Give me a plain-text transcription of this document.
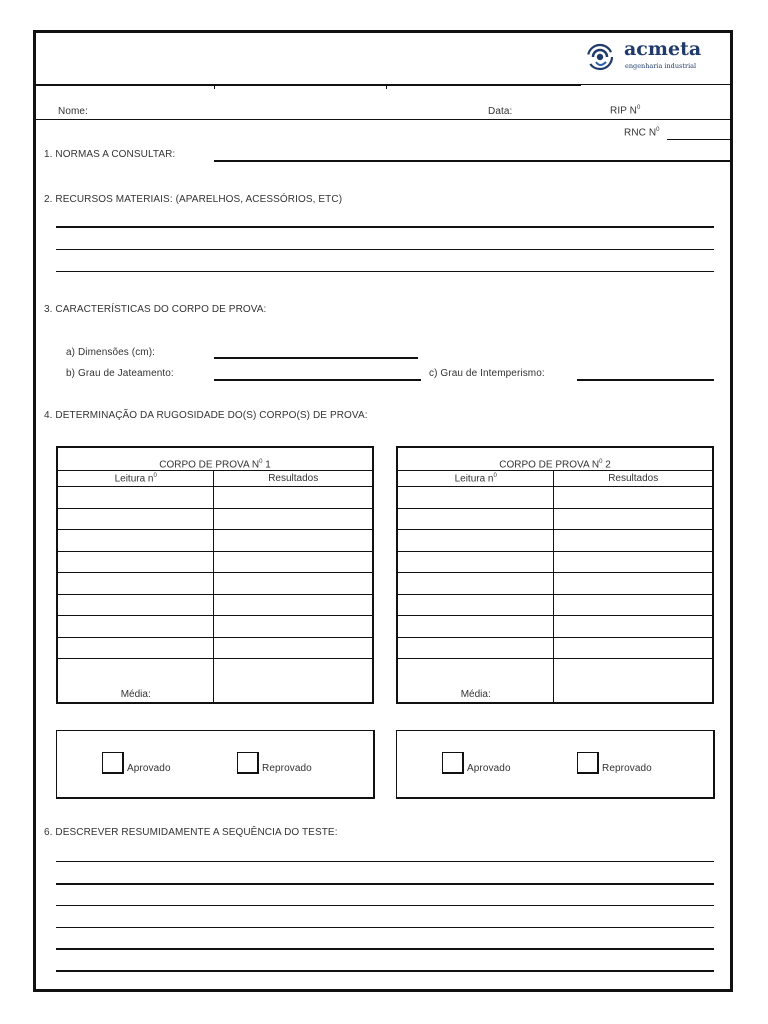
acmeta
engenharia industrial
Nome:	Data:	RIP $N^0$
RNC $N^0$
1. NORMAS A CONSULTAR:
2. RECURSOS MATERIAIS: (APARELHOS, ACESSÓRIOS, ETC)
3. CARACTERÍSTICAS DO CORPO DE PROVA:
a) Dimensões (cm):
b) Grau de Jateamento:	c) Grau de Intemperismo:
4. DETERMINAÇÃO DA RUGOSIDADE DO(S) CORPO(S) DE PROVA:
CORPO DE PROVA $N^0$ 1	
Leitura $n^0$	Resultados

Média:	
CORPO DE PROVA $N^0$ 2	
Leitura $n^0$	Resultados

Média:	
Aprovado	Reprovado	Aprovado	Reprovado
6. DESCREVER RESUMIDAMENTE A SEQUÊNCIA DO TESTE:
